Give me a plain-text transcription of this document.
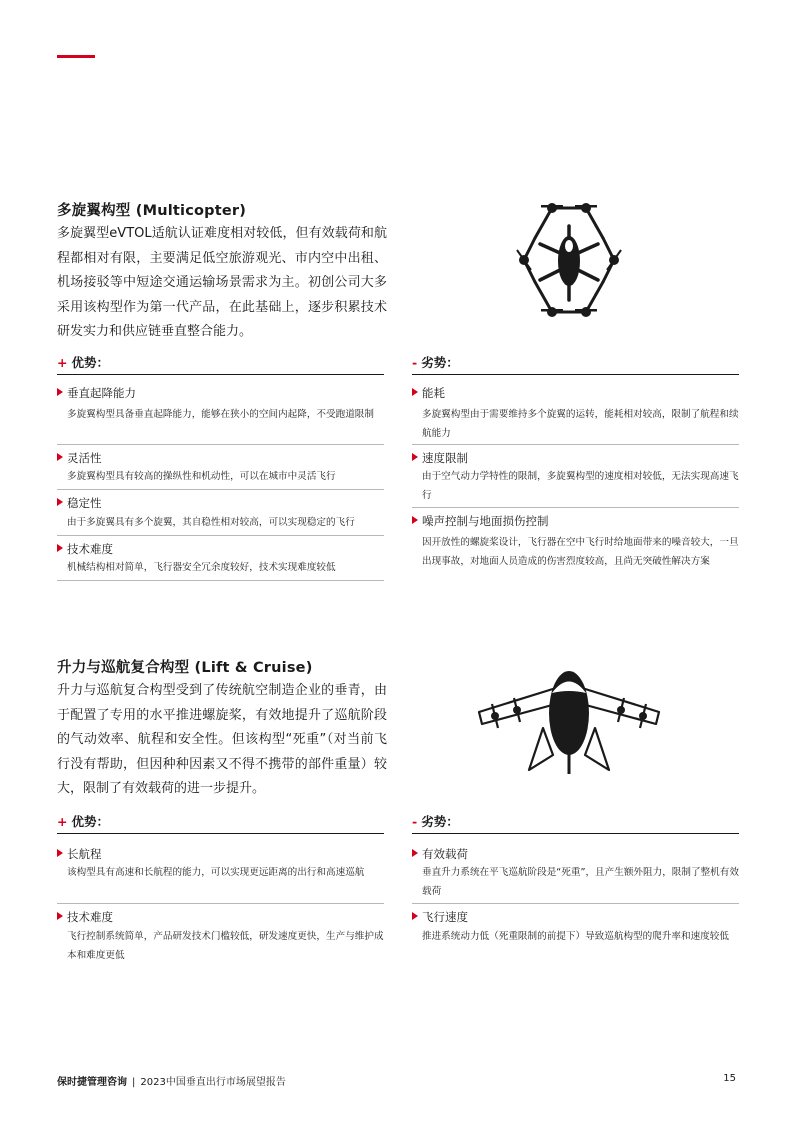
多旋翼构型 (Multicopter)
多旋翼型eVTOL适航认证难度相对较低，但有效载荷和航程都相对有限，主要满足低空旅游观光、市内空中出租、机场接驳等中短途交通运输场景需求为主。初创公司大多采用该构型作为第一代产品，在此基础上，逐步积累技术研发实力和供应链垂直整合能力。
+ 优势：
垂直起降能力
多旋翼构型具备垂直起降能力，能够在狭小的空间内起降，不受跑道限制
灵活性
多旋翼构型具有较高的操纵性和机动性，可以在城市中灵活飞行
稳定性
由于多旋翼具有多个旋翼，其自稳性相对较高，可以实现稳定的飞行
技术难度
机械结构相对简单，飞行器安全冗余度较好，技术实现难度较低
- 劣势：
能耗
多旋翼构型由于需要维持多个旋翼的运转，能耗相对较高，限制了航程和续航能力
速度限制
由于空气动力学特性的限制，多旋翼构型的速度相对较低，无法实现高速飞行
噪声控制与地面损伤控制
因开放性的螺旋桨设计，飞行器在空中飞行时给地面带来的噪音较大，一旦出现事故，对地面人员造成的伤害烈度较高，且尚无突破性解决方案
升力与巡航复合构型 (Lift & Cruise)
升力与巡航复合构型受到了传统航空制造企业的垂青，由于配置了专用的水平推进螺旋桨，有效地提升了巡航阶段的气动效率、航程和安全性。但该构型“死重”（对当前飞行没有帮助，但因种种因素又不得不携带的部件重量）较大，限制了有效载荷的进一步提升。
+ 优势：
长航程
该构型具有高速和长航程的能力，可以实现更远距离的出行和高速巡航
技术难度
飞行控制系统简单，产品研发技术门槛较低，研发速度更快，生产与维护成本和难度更低
- 劣势：
有效载荷
垂直升力系统在平飞巡航阶段是“死重”，且产生额外阻力，限制了整机有效载荷
飞行速度
推进系统动力低（死重限制的前提下）导致巡航构型的爬升率和速度较低
保时捷管理咨询 | 2023中国垂直出行市场展望报告	15
